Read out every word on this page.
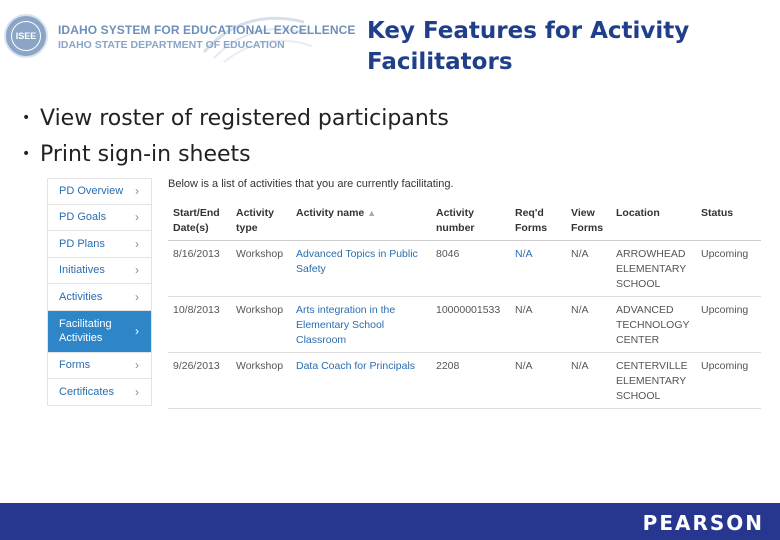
ISEE	IDAHO SYSTEM FOR EDUCATIONAL EXCELLENCE
IDAHO STATE DEPARTMENT OF EDUCATION
Key Features for Activity Facilitators
• View roster of registered participants
• Print sign-in sheets
PD Overview ›
PD Goals ›
PD Plans	›
Initiatives	›
Activities	›
Facilitating Activities	›
Forms	›
Certificates ›
Below is a list of activities that you are currently facilitating.
Start/End Date(s)	Activity type	Activity name ▲	Activity number	Req'd Forms	View Forms	Location	Status
8/16/2013	Workshop	Advanced Topics in Public Safety	8046	N/A	N/A	ARROWHEAD ELEMENTARY SCHOOL	Upcoming
10/8/2013	Workshop	Arts integration in the Elementary School Classroom	10000001533	N/A	N/A	ADVANCED TECHNOLOGY CENTER	Upcoming
9/26/2013	Workshop	Data Coach for Principals	2208	N/A	N/A	CENTERVILLE ELEMENTARY SCHOOL	Upcoming
PEARSON
